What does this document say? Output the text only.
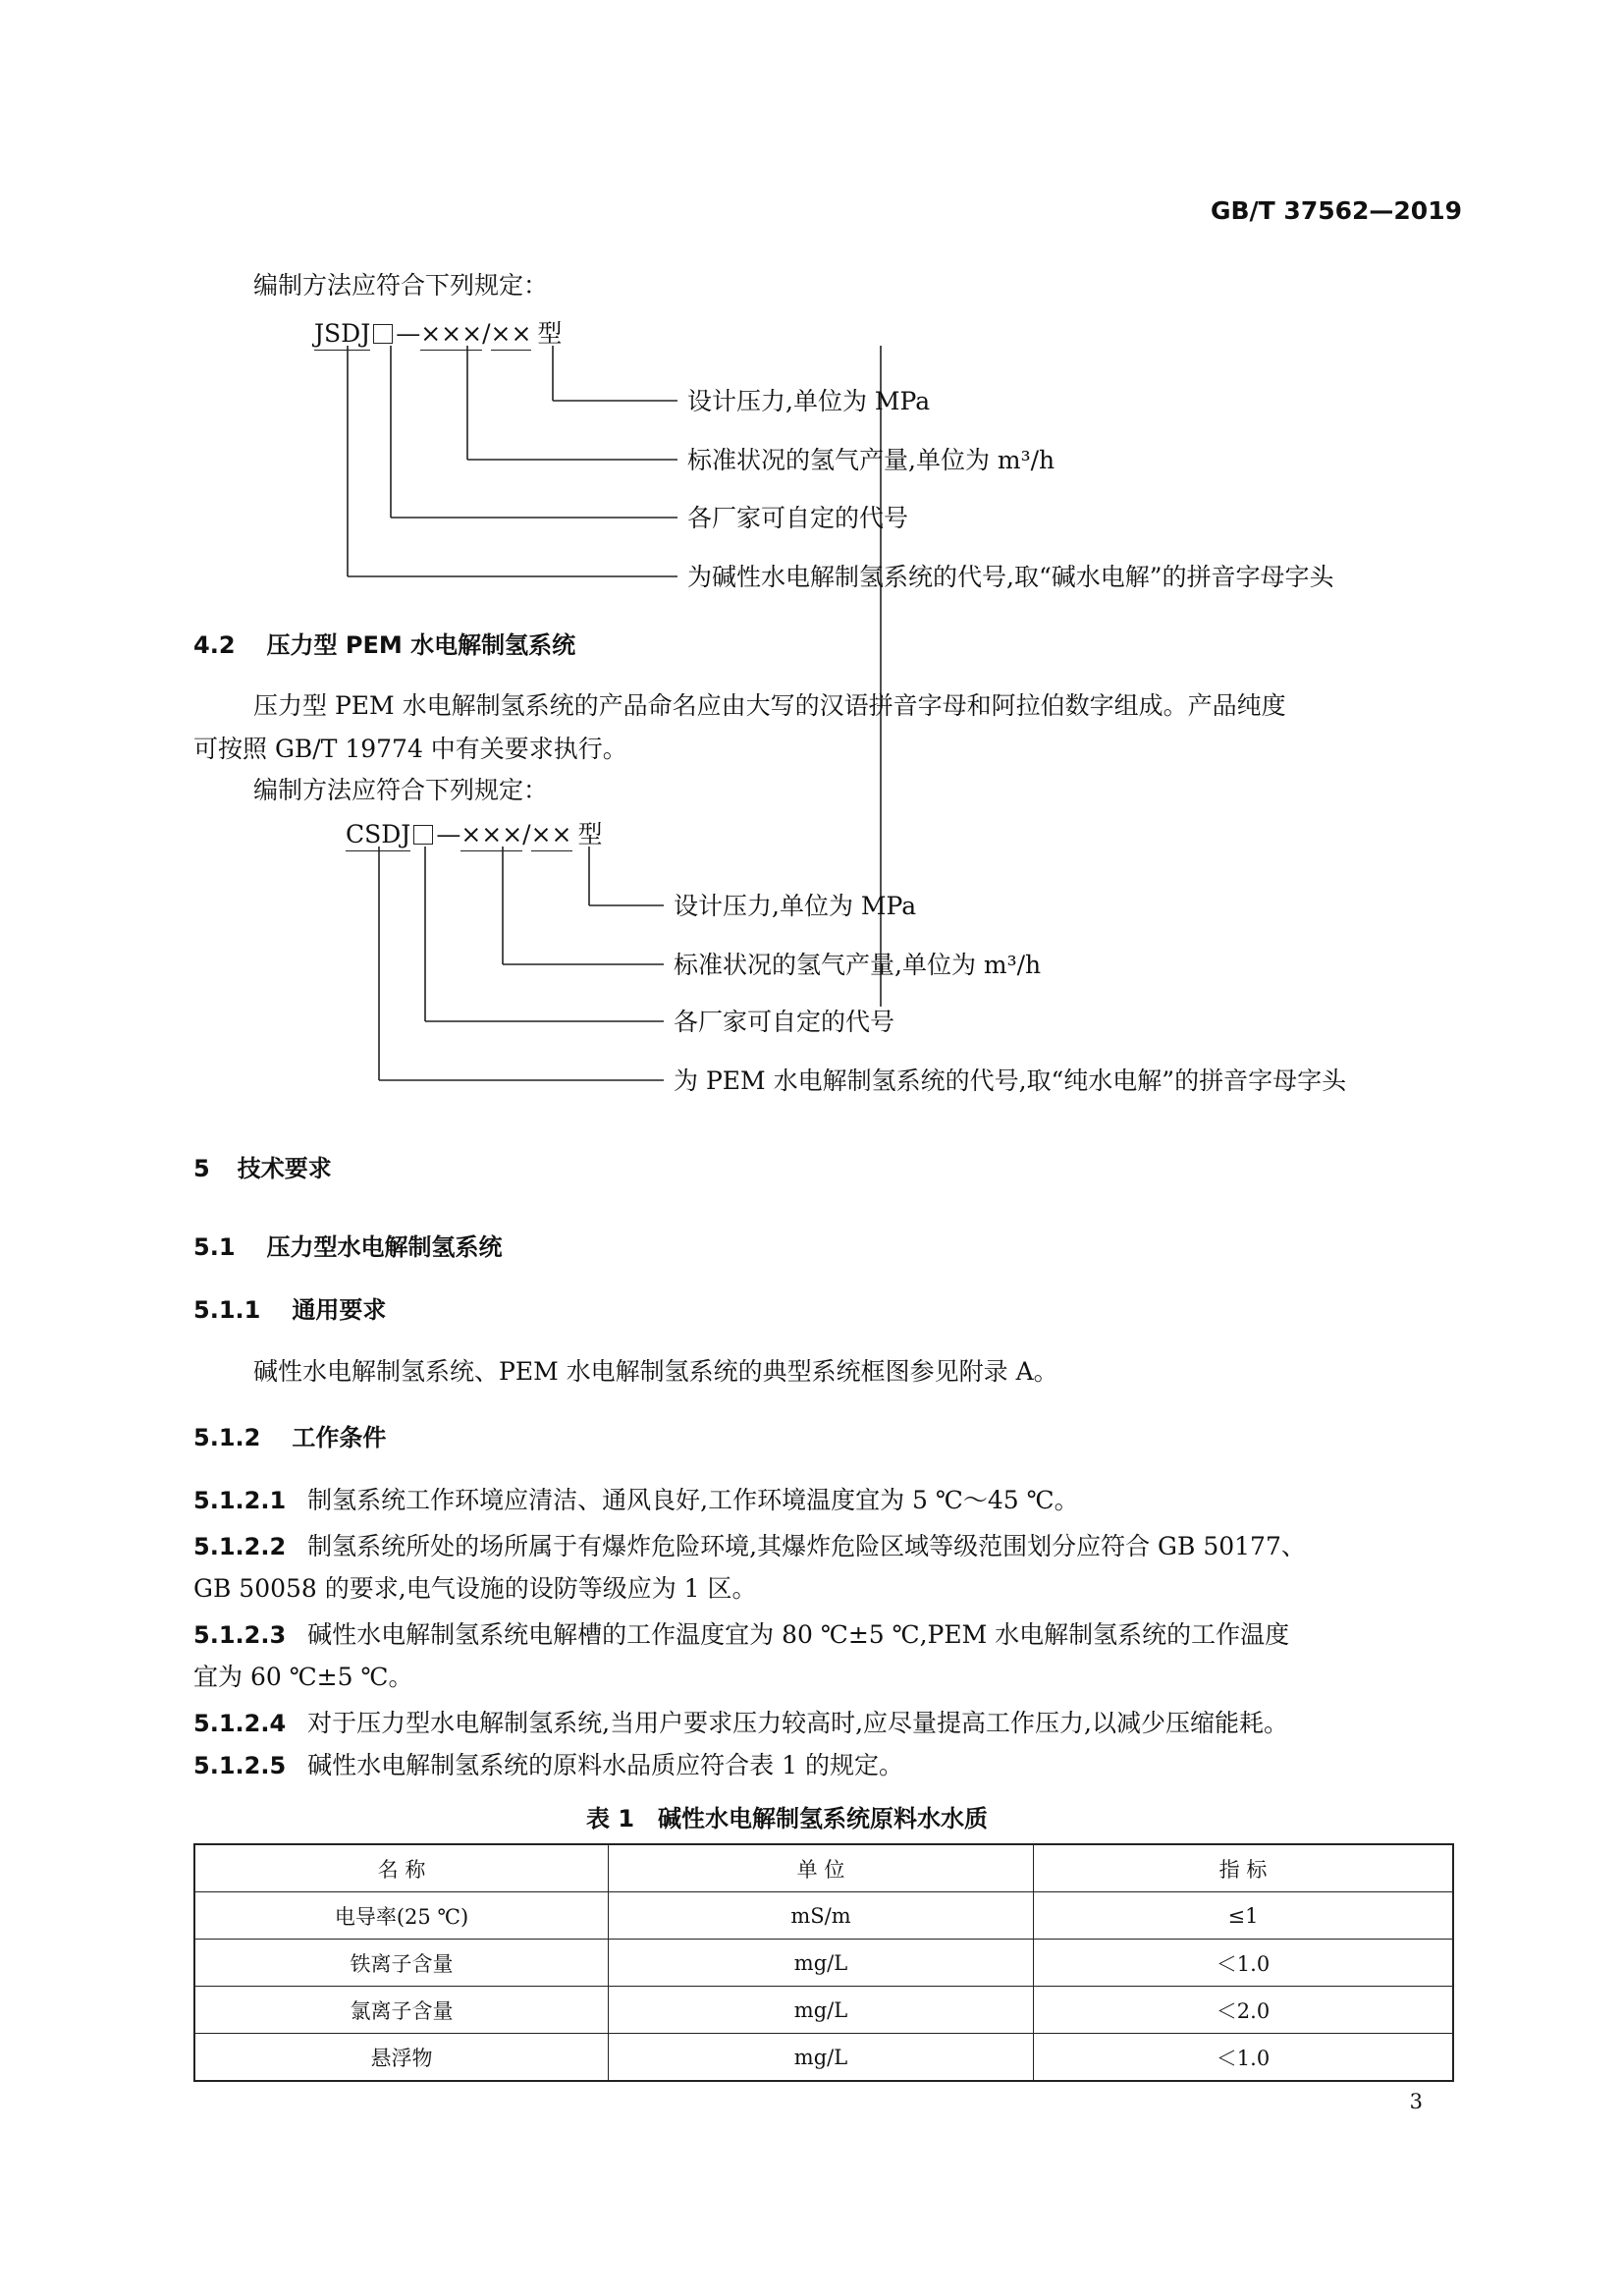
GB/T 37562—2019
编制方法应符合下列规定：
JSDJ —×××/×× 型
设计压力,单位为 MPa
标准状况的氢气产量,单位为 m³/h
各厂家可自定的代号
为碱性水电解制氢系统的代号,取“碱水电解”的拼音字母字头
4.2 压力型 PEM 水电解制氢系统
压力型 PEM 水电解制氢系统的产品命名应由大写的汉语拼音字母和阿拉伯数字组成。产品纯度
可按照 GB/T 19774 中有关要求执行。
编制方法应符合下列规定：
CSDJ —×××/×× 型
设计压力,单位为 MPa
标准状况的氢气产量,单位为 m³/h
各厂家可自定的代号
为 PEM 水电解制氢系统的代号,取“纯水电解”的拼音字母字头
5 技术要求
5.1 压力型水电解制氢系统
5.1.1 通用要求
碱性水电解制氢系统、PEM 水电解制氢系统的典型系统框图参见附录 A。
5.1.2 工作条件
5.1.2.1 制氢系统工作环境应清洁、通风良好,工作环境温度宜为 5 ℃～45 ℃。
5.1.2.2 制氢系统所处的场所属于有爆炸危险环境,其爆炸危险区域等级范围划分应符合 GB 50177、
GB 50058 的要求,电气设施的设防等级应为 1 区。
5.1.2.3 碱性水电解制氢系统电解槽的工作温度宜为 80 ℃±5 ℃,PEM 水电解制氢系统的工作温度
宜为 60 ℃±5 ℃。
5.1.2.4 对于压力型水电解制氢系统,当用户要求压力较高时,应尽量提高工作压力,以减少压缩能耗。
5.1.2.5 碱性水电解制氢系统的原料水品质应符合表 1 的规定。
表 1　碱性水电解制氢系统原料水水质
名 称	单 位	指 标
电导率(25 ℃)	mS/m	≤1
铁离子含量	mg/L	＜1.0
氯离子含量	mg/L	＜2.0
悬浮物	mg/L	＜1.0
3
